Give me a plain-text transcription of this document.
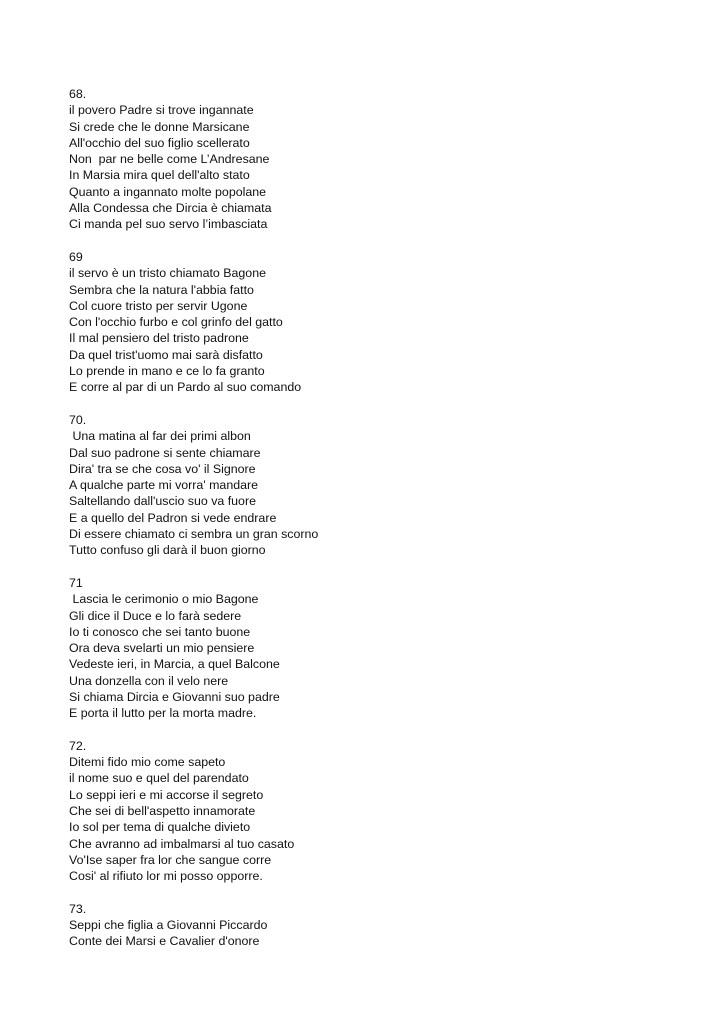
68.
il povero Padre si trove ingannate
Si crede che le donne Marsicane
All'occhio del suo figlio scellerato
Non  par ne belle come L’Andresane
In Marsia mira quel dell'alto stato
Quanto a ingannato molte popolane
Alla Condessa che Dircia è chiamata
Ci manda pel suo servo l’imbasciata
69
il servo è un tristo chiamato Bagone
Sembra che la natura l'abbia fatto
Col cuore tristo per servir Ugone
Con l'occhio furbo e col grinfo del gatto
Il mal pensiero del tristo padrone
Da quel trist'uomo mai sarà disfatto
Lo prende in mano e ce lo fa granto
E corre al par di un Pardo al suo comando
70.
Una matina al far dei primi albon
Dal suo padrone si sente chiamare
Dira' tra se che cosa vo' il Signore
A qualche parte mi vorra' mandare
Saltellando dall'uscio suo va fuore
E a quello del Padron si vede endrare
Di essere chiamato ci sembra un gran scorno
Tutto confuso gli darà il buon giorno
71
Lascia le cerimonio o mio Bagone
Gli dice il Duce e lo farà sedere
Io ti conosco che sei tanto buone
Ora deva svelarti un mio pensiere
Vedeste ieri, in Marcia, a quel Balcone
Una donzella con il velo nere
Si chiama Dircia e Giovanni suo padre
E porta il lutto per la morta madre.
72.
Ditemi fido mio come sapeto
il nome suo e quel del parendato
Lo seppi ieri e mi accorse il segreto
Che sei di bell'aspetto innamorate
Io sol per tema di qualche divieto
Che avranno ad imbalmarsi al tuo casato
Vo'Ise saper fra lor che sangue corre
Cosi' al rifiuto lor mi posso opporre.
73.
Seppi che figlia a Giovanni Piccardo
Conte dei Marsi e Cavalier d'onore
